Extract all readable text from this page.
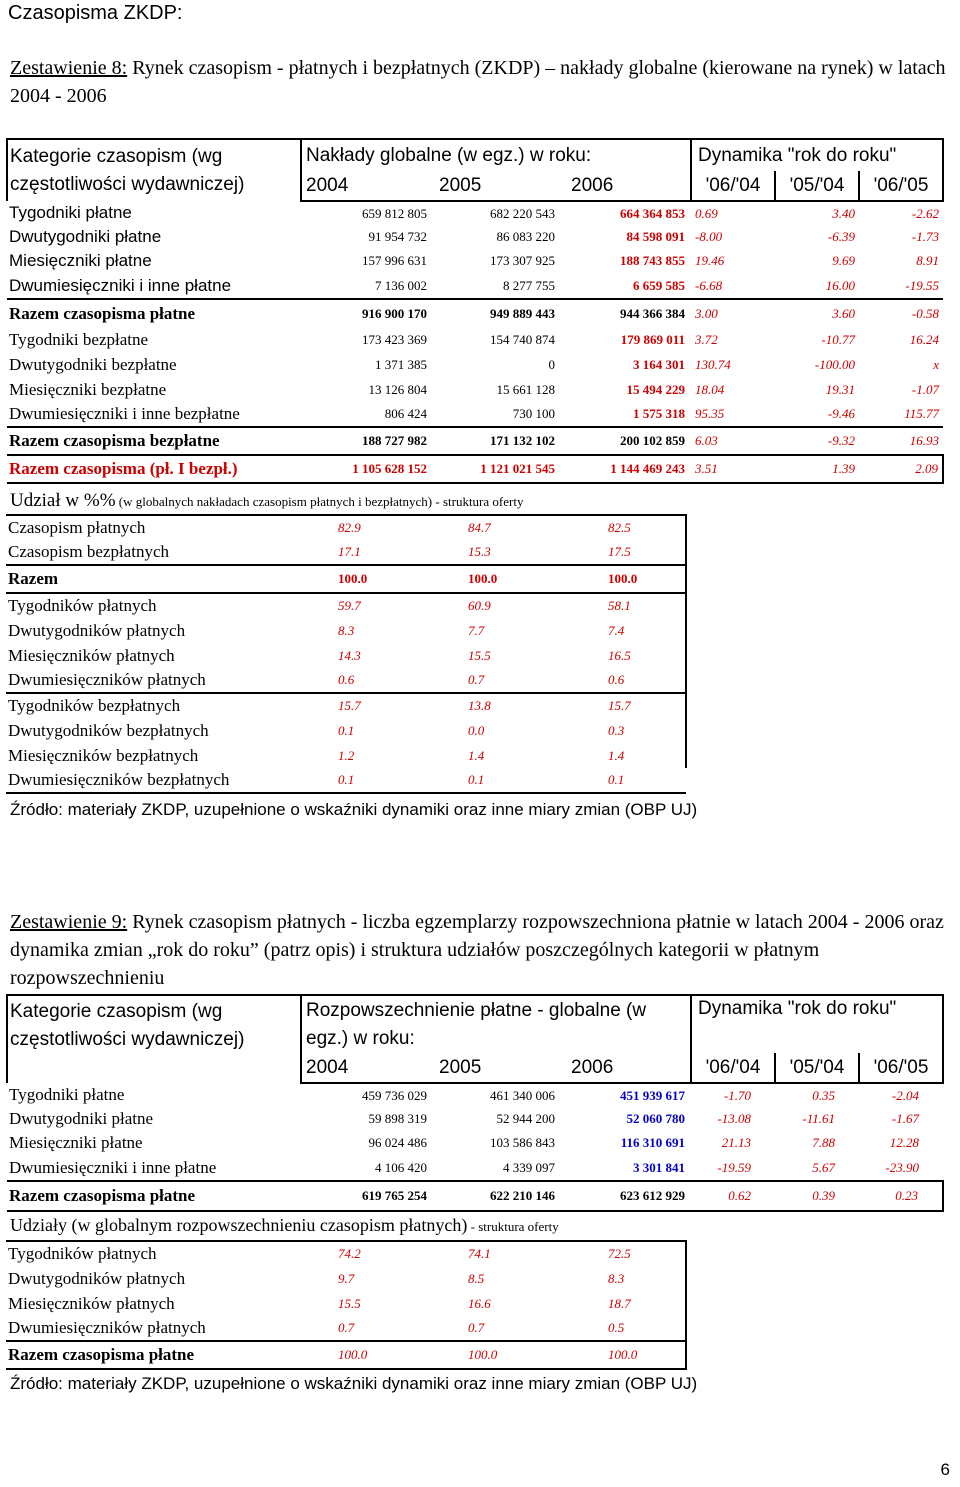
Czasopisma ZKDP:
Zestawienie 8: Rynek czasopism - płatnych i bezpłatnych (ZKDP) – nakłady globalne (kierowane na rynek) w latach 2004 - 2006
Kategorie czasopism (wg częstotliwości wydawniczej)	Nakłady globalne (w egz.) w roku:			Dynamika "rok do roku"		
	2004	2005	2006	'06/'04	'05/'04	'06/'05
Tygodniki płatne	659 812 805	682 220 543	664 364 853	0.69	3.40	-2.62
Dwutygodniki płatne	91 954 732	86 083 220	84 598 091	-8.00	-6.39	-1.73
Miesięczniki płatne	157 996 631	173 307 925	188 743 855	19.46	9.69	8.91
Dwumiesięczniki i inne płatne	7 136 002	8 277 755	6 659 585	-6.68	16.00	-19.55
Razem czasopisma płatne	916 900 170	949 889 443	944 366 384	3.00	3.60	-0.58
Tygodniki bezpłatne	173 423 369	154 740 874	179 869 011	3.72	-10.77	16.24
Dwutygodniki bezpłatne	1 371 385	0	3 164 301	130.74	-100.00	x
Miesięczniki bezpłatne	13 126 804	15 661 128	15 494 229	18.04	19.31	-1.07
Dwumiesięczniki i inne bezpłatne	806 424	730 100	1 575 318	95.35	-9.46	115.77
Razem czasopisma bezpłatne	188 727 982	171 132 102	200 102 859	6.03	-9.32	16.93
Razem czasopisma (pł. I bezpł.)	1 105 628 152	1 121 021 545	1 144 469 243	3.51	1.39	2.09
Udział w %% (w globalnych nakładach czasopism płatnych i bezpłatnych) - struktura oferty
Czasopism płatnych	82.9	84.7	82.5
Czasopism bezpłatnych	17.1	15.3	17.5
Razem	100.0	100.0	100.0
Tygodników płatnych	59.7	60.9	58.1
Dwutygodników płatnych	8.3	7.7	7.4
Miesięczników płatnych	14.3	15.5	16.5
Dwumiesięczników płatnych	0.6	0.7	0.6
Tygodników bezpłatnych	15.7	13.8	15.7
Dwutygodników bezpłatnych	0.1	0.0	0.3
Miesięczników bezpłatnych	1.2	1.4	1.4
Dwumiesięczników bezpłatnych	0.1	0.1	0.1
Źródło: materiały ZKDP, uzupełnione o wskaźniki dynamiki oraz inne miary zmian (OBP UJ)
Zestawienie 9: Rynek czasopism płatnych - liczba egzemplarzy rozpowszechniona płatnie w latach 2004 - 2006 oraz dynamika zmian „rok do roku” (patrz opis) i struktura udziałów poszczególnych kategorii w płatnym rozpowszechnieniu
Kategorie czasopism (wg częstotliwości wydawniczej)	Rozpowszechnienie płatne - globalne (w egz.) w roku:			Dynamika "rok do roku"		
	2004	2005	2006	'06/'04	'05/'04	'06/'05
Tygodniki płatne	459 736 029	461 340 006	451 939 617	-1.70	0.35	-2.04
Dwutygodniki płatne	59 898 319	52 944 200	52 060 780	-13.08	-11.61	-1.67
Miesięczniki płatne	96 024 486	103 586 843	116 310 691	21.13	7.88	12.28
Dwumiesięczniki i inne płatne	4 106 420	4 339 097	3 301 841	-19.59	5.67	-23.90
Razem czasopisma płatne	619 765 254	622 210 146	623 612 929	0.62	0.39	0.23
Udziały (w globalnym rozpowszechnieniu czasopism płatnych) - struktura oferty
Tygodników płatnych	74.2	74.1	72.5
Dwutygodników płatnych	9.7	8.5	8.3
Miesięczników płatnych	15.5	16.6	18.7
Dwumiesięczników płatnych	0.7	0.7	0.5
Razem czasopisma płatne	100.0	100.0	100.0
Źródło: materiały ZKDP, uzupełnione o wskaźniki dynamiki oraz inne miary zmian (OBP UJ)
6
